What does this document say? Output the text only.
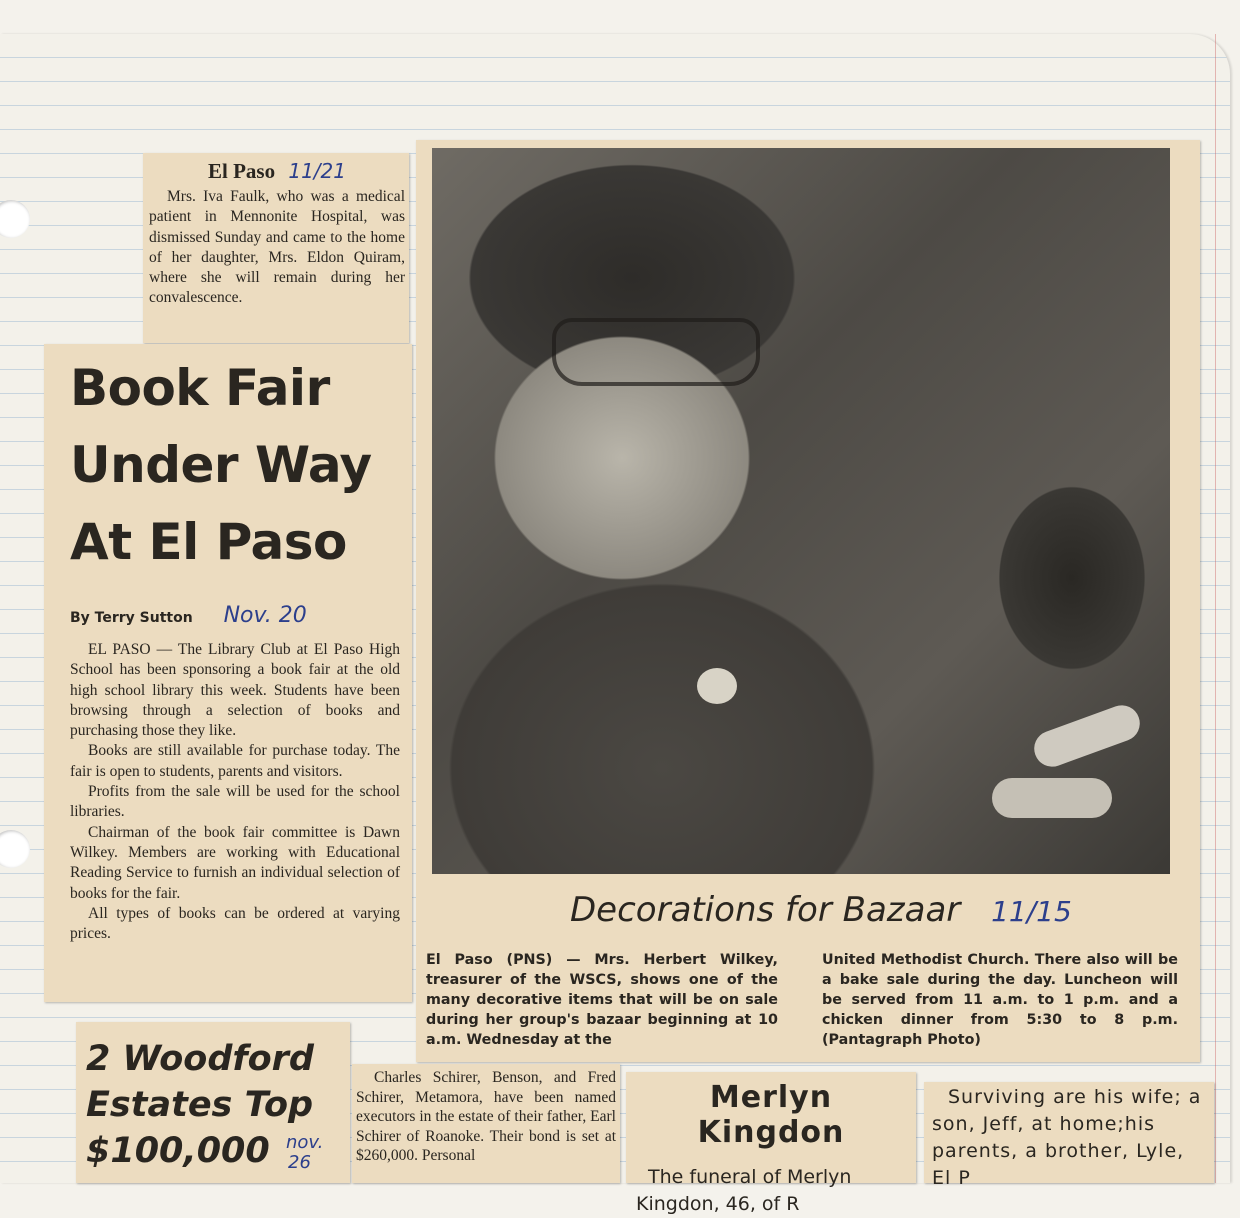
El Paso 11/21

Mrs. Iva Faulk, who was a medical patient in Mennonite Hospital, was dismissed Sunday and came to the home of her daughter, Mrs. Eldon Quiram, where she will remain during her convalescence.

Book Fair
Under Way
At El Paso
By Terry Sutton Nov. 20

EL PASO — The Library Club at El Paso High School has been sponsoring a book fair at the old high school library this week. Students have been browsing through a selection of books and purchasing those they like.

Books are still available for purchase today. The fair is open to students, parents and visitors.

Profits from the sale will be used for the school libraries.

Chairman of the book fair committee is Dawn Wilkey. Members are working with Educational Reading Service to furnish an individual selection of books for the fair.

All types of books can be ordered at varying prices.

Decorations for Bazaar 11/15

El Paso (PNS) — Mrs. Herbert Wilkey, treasurer of the WSCS, shows one of the many decorative items that will be on sale during her group's bazaar beginning at 10 a.m. Wednesday at the

United Methodist Church. There also will be a bake sale during the day. Luncheon will be served from 11 a.m. to 1 p.m. and a chicken dinner from 5:30 to 8 p.m. (Pantagraph Photo)

2 Woodford
Estates Top
$100,000 nov.
26

Charles Schirer, Benson, and Fred Schirer, Metamora, have been named executors in the estate of their father, Earl Schirer of Roanoke. Their bond is set at $260,000. Personal

Merlyn Kingdon
The funeral of Merlyn Kingdon, 46, of R
Surviving are his wife; a son, Jeff, at home;his parents, a brother, Lyle, El P
